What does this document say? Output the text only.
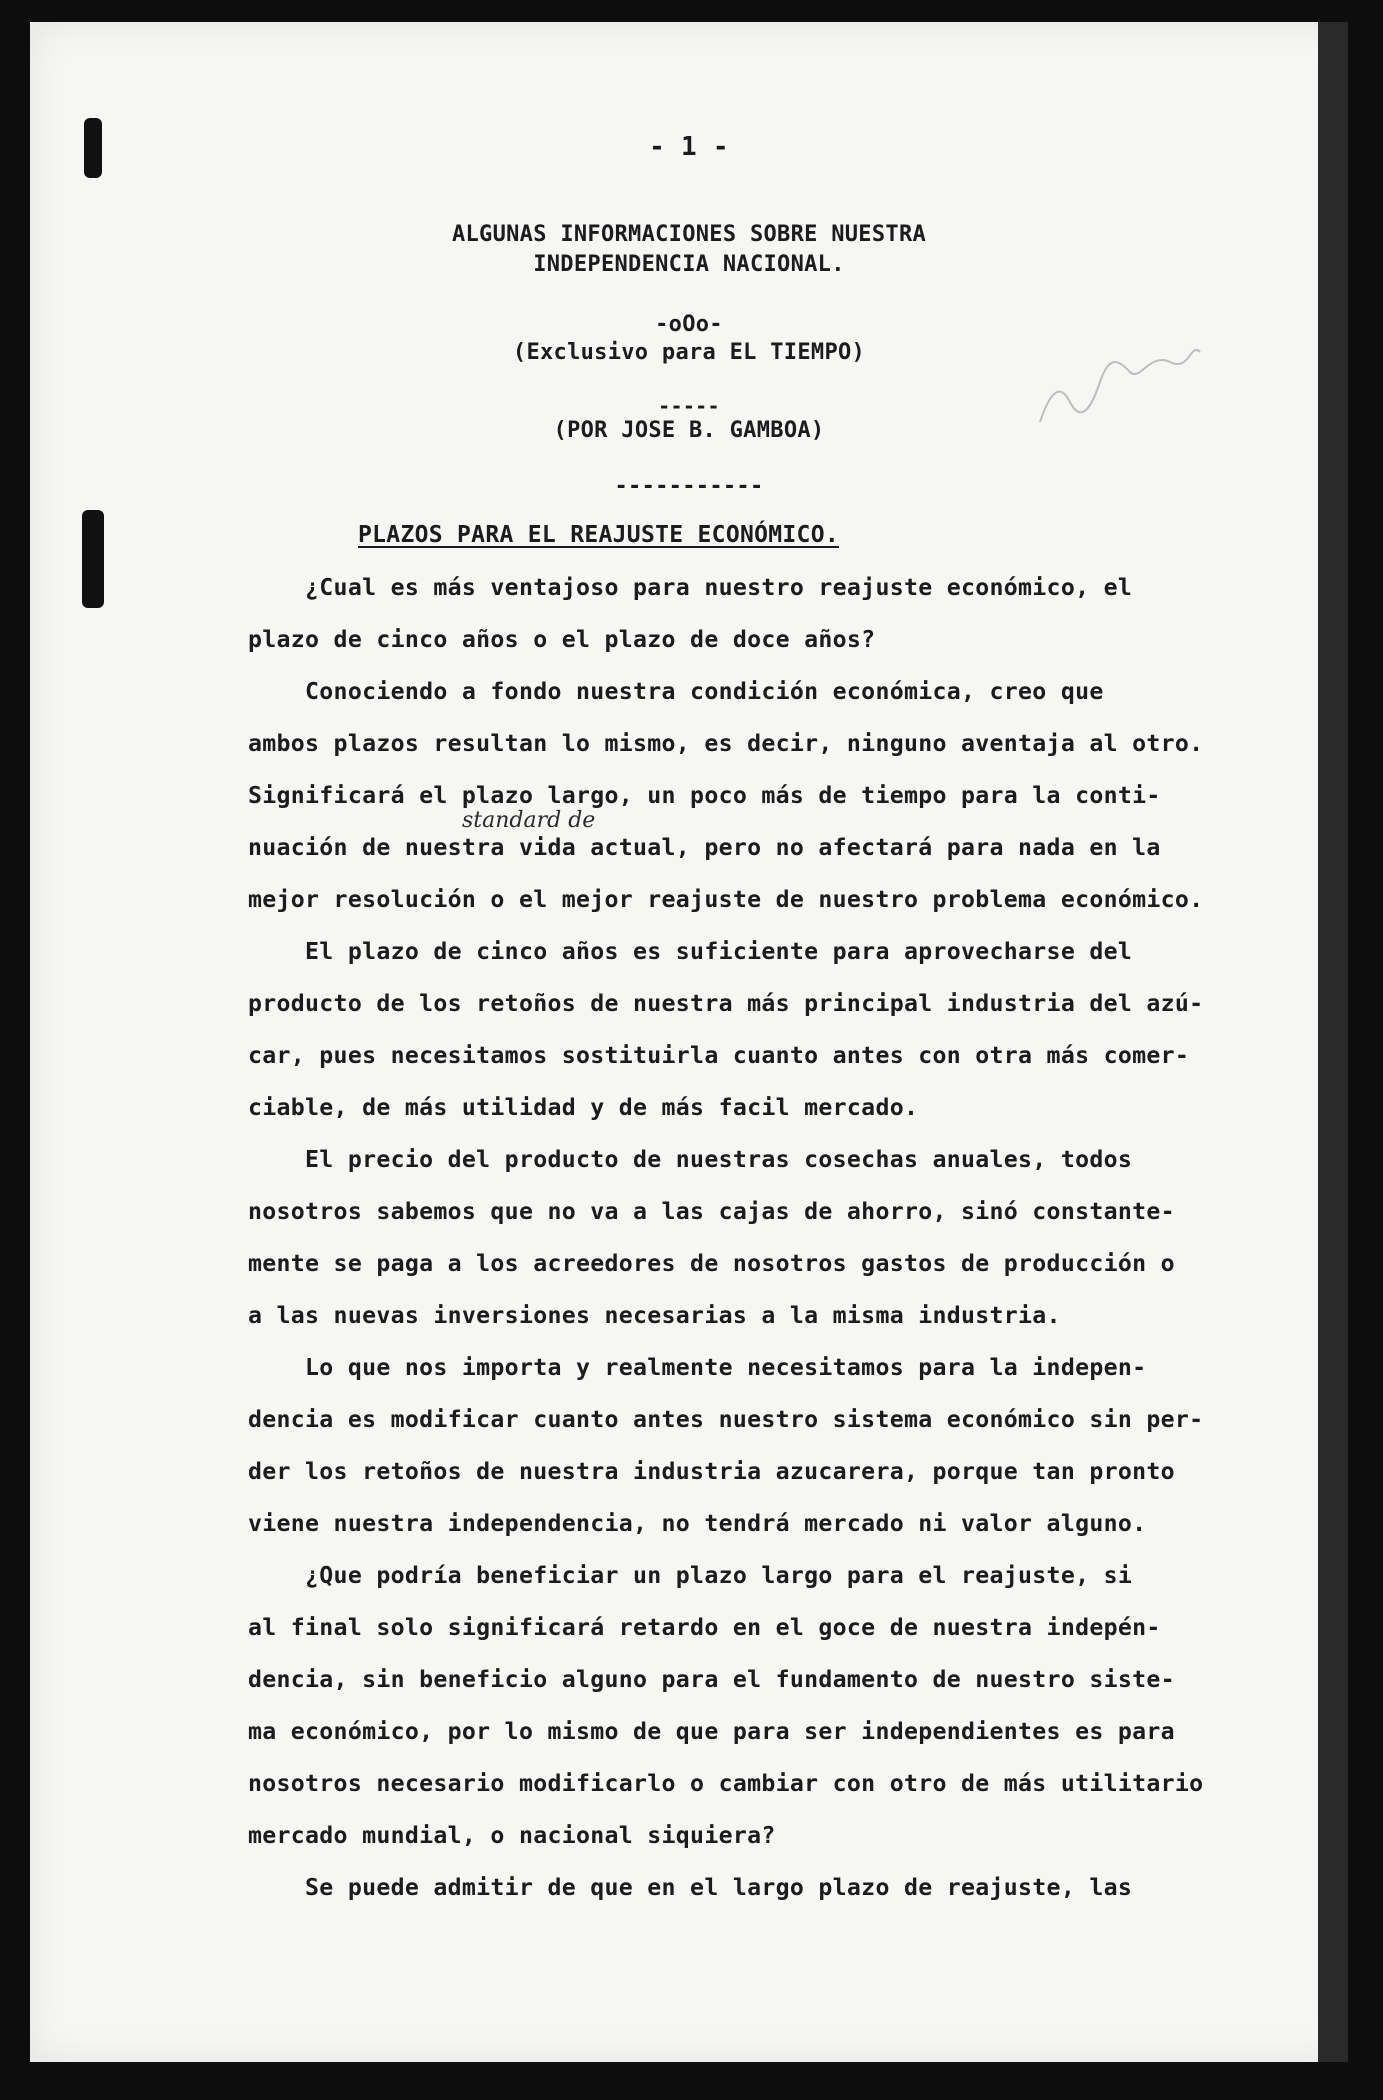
- 1 -
ALGUNAS INFORMACIONES SOBRE NUESTRA
INDEPENDENCIA NACIONAL.
-oOo-
(Exclusivo para EL TIEMPO)
-----
(POR JOSE B. GAMBOA)
-----------
PLAZOS PARA EL REAJUSTE ECONÓMICO.
¿Cual es más ventajoso para nuestro reajuste económico, el
plazo de cinco años o el plazo de doce años?
Conociendo a fondo nuestra condición económica, creo que
ambos plazos resultan lo mismo, es decir, ninguno aventaja al otro.
Significará el plazo largo, un poco más de tiempo para la conti-
nuación de nuestra vida actual, pero no afectará para nada en la
mejor resolución o el mejor reajuste de nuestro problema económico.
El plazo de cinco años es suficiente para aprovecharse del
producto de los retoños de nuestra más principal industria del azú-
car, pues necesitamos sostituirla cuanto antes con otra más comer-
ciable, de más utilidad y de más facil mercado.
El precio del producto de nuestras cosechas anuales, todos
nosotros sabemos que no va a las cajas de ahorro, sinó constante-
mente se paga a los acreedores de nosotros gastos de producción o
a las nuevas inversiones necesarias a la misma industria.
Lo que nos importa y realmente necesitamos para la indepen-
dencia es modificar cuanto antes nuestro sistema económico sin per-
der los retoños de nuestra industria azucarera, porque tan pronto
viene nuestra independencia, no tendrá mercado ni valor alguno.
¿Que podría beneficiar un plazo largo para el reajuste, si
al final solo significará retardo en el goce de nuestra indepén-
dencia, sin beneficio alguno para el fundamento de nuestro siste-
ma económico, por lo mismo de que para ser independientes es para
nosotros necesario modificarlo o cambiar con otro de más utilitario
mercado mundial, o nacional siquiera?
Se puede admitir de que en el largo plazo de reajuste, las
standard de
